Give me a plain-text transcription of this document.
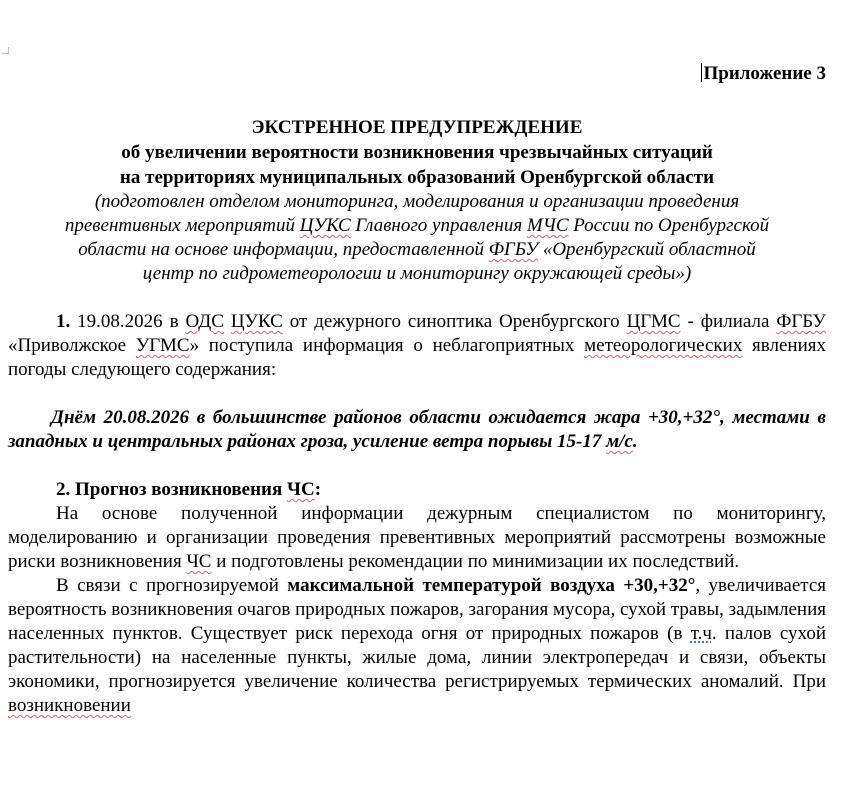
Приложение 3
ЭКСТРЕННОЕ ПРЕДУПРЕЖДЕНИЕ
об увеличении вероятности возникновения чрезвычайных ситуаций
на территориях муниципальных образований Оренбургской области
(подготовлен отделом мониторинга, моделирования и организации проведения
превентивных мероприятий ЦУКС Главного управления МЧС России по Оренбургской
области на основе информации, предоставленной ФГБУ «Оренбургский областной
центр по гидрометеорологии и мониторингу окружающей среды»)

1. 19.08.2026 в ОДС ЦУКС от дежурного синоптика Оренбургского ЦГМС - филиала ФГБУ «Приволжское УГМС» поступила информация о неблагоприятных метеорологических явлениях погоды следующего содержания:

Днём 20.08.2026 в большинстве районов области ожидается жара +30,+32°, местами в западных и центральных районах гроза, усиление ветра порывы 15-17 м/с.

2. Прогноз возникновения ЧС:

На основе полученной информации дежурным специалистом по мониторингу, моделированию и организации проведения превентивных мероприятий рассмотрены возможные риски возникновения ЧС и подготовлены рекомендации по минимизации их последствий.

В связи с прогнозируемой максимальной температурой воздуха +30,+32°, увеличивается вероятность возникновения очагов природных пожаров, загорания мусора, сухой травы, задымления населенных пунктов. Существует риск перехода огня от природных пожаров (в т.ч. палов сухой растительности) на населенные пункты, жилые дома, линии электропередач и связи, объекты экономики, прогнозируется увеличение количества регистрируемых термических аномалий. При возникновении
